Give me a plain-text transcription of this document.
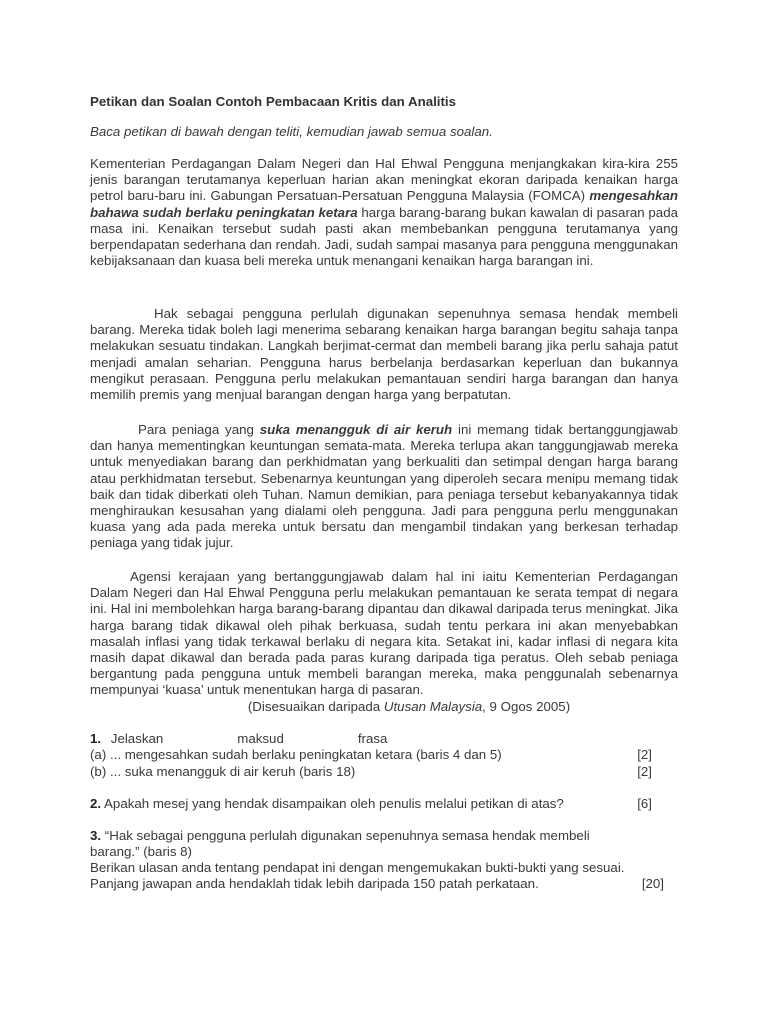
Petikan dan Soalan Contoh Pembacaan Kritis dan Analitis

Baca petikan di bawah dengan teliti, kemudian jawab semua soalan.

Kementerian Perdagangan Dalam Negeri dan Hal Ehwal Pengguna menjangkakan kira-kira 255 jenis barangan terutamanya keperluan harian akan meningkat ekoran daripada kenaikan harga petrol baru-baru ini. Gabungan Persatuan-Persatuan Pengguna Malaysia (FOMCA) mengesahkan bahawa sudah berlaku peningkatan ketara harga barang-barang bukan kawalan di pasaran pada masa ini. Kenaikan tersebut sudah pasti akan membebankan pengguna terutamanya yang berpendapatan sederhana dan rendah. Jadi, sudah sampai masanya para pengguna menggunakan kebijaksanaan dan kuasa beli mereka untuk menangani kenaikan harga barangan ini.

Hak sebagai pengguna perlulah digunakan sepenuhnya semasa hendak membeli barang. Mereka tidak boleh lagi menerima sebarang kenaikan harga barangan begitu sahaja tanpa melakukan sesuatu tindakan. Langkah berjimat-cermat dan membeli barang jika perlu sahaja patut menjadi amalan seharian. Pengguna harus berbelanja berdasarkan keperluan dan bukannya mengikut perasaan. Pengguna perlu melakukan pemantauan sendiri harga barangan dan hanya memilih premis yang menjual barangan dengan harga yang berpatutan.

Para peniaga yang suka menangguk di air keruh ini memang tidak bertanggungjawab dan hanya mementingkan keuntungan semata-mata. Mereka terlupa akan tanggungjawab mereka untuk menyediakan barang dan perkhidmatan yang berkualiti dan setimpal dengan harga barang atau perkhidmatan tersebut. Sebenarnya keuntungan yang diperoleh secara menipu memang tidak baik dan tidak diberkati oleh Tuhan. Namun demikian, para peniaga tersebut kebanyakannya tidak menghiraukan kesusahan yang dialami oleh pengguna. Jadi para pengguna perlu menggunakan kuasa yang ada pada mereka untuk bersatu dan mengambil tindakan yang berkesan terhadap peniaga yang tidak jujur.

Agensi kerajaan yang bertanggungjawab dalam hal ini iaitu Kementerian Perdagangan Dalam Negeri dan Hal Ehwal Pengguna perlu melakukan pemantauan ke serata tempat di negara ini. Hal ini membolehkan harga barang-barang dipantau dan dikawal daripada terus meningkat. Jika harga barang tidak dikawal oleh pihak berkuasa, sudah tentu perkara ini akan menyebabkan masalah inflasi yang tidak terkawal berlaku di negara kita. Setakat ini, kadar inflasi di negara kita masih dapat dikawal dan berada pada paras kurang daripada tiga peratus. Oleh sebab peniaga bergantung pada pengguna untuk membeli barangan mereka, maka penggunalah sebenarnya mempunyai ‘kuasa’ untuk menentukan harga di pasaran.

(Disesuaikan daripada Utusan Malaysia, 9 Ogos 2005)
1. Jelaskan	maksud	frasa
(a) ... mengesahkan sudah berlaku peningkatan ketara (baris 4 dan 5)	[2]
(b) ... suka menangguk di air keruh (baris 18)	[2]
2. Apakah mesej yang hendak disampaikan oleh penulis melalui petikan di atas?	[6]
3. “Hak sebagai pengguna perlulah digunakan sepenuhnya semasa hendak membeli
barang.” (baris 8)
Berikan ulasan anda tentang pendapat ini dengan mengemukakan bukti-bukti yang sesuai.
Panjang jawapan anda hendaklah tidak lebih daripada 150 patah perkataan.	[20]
